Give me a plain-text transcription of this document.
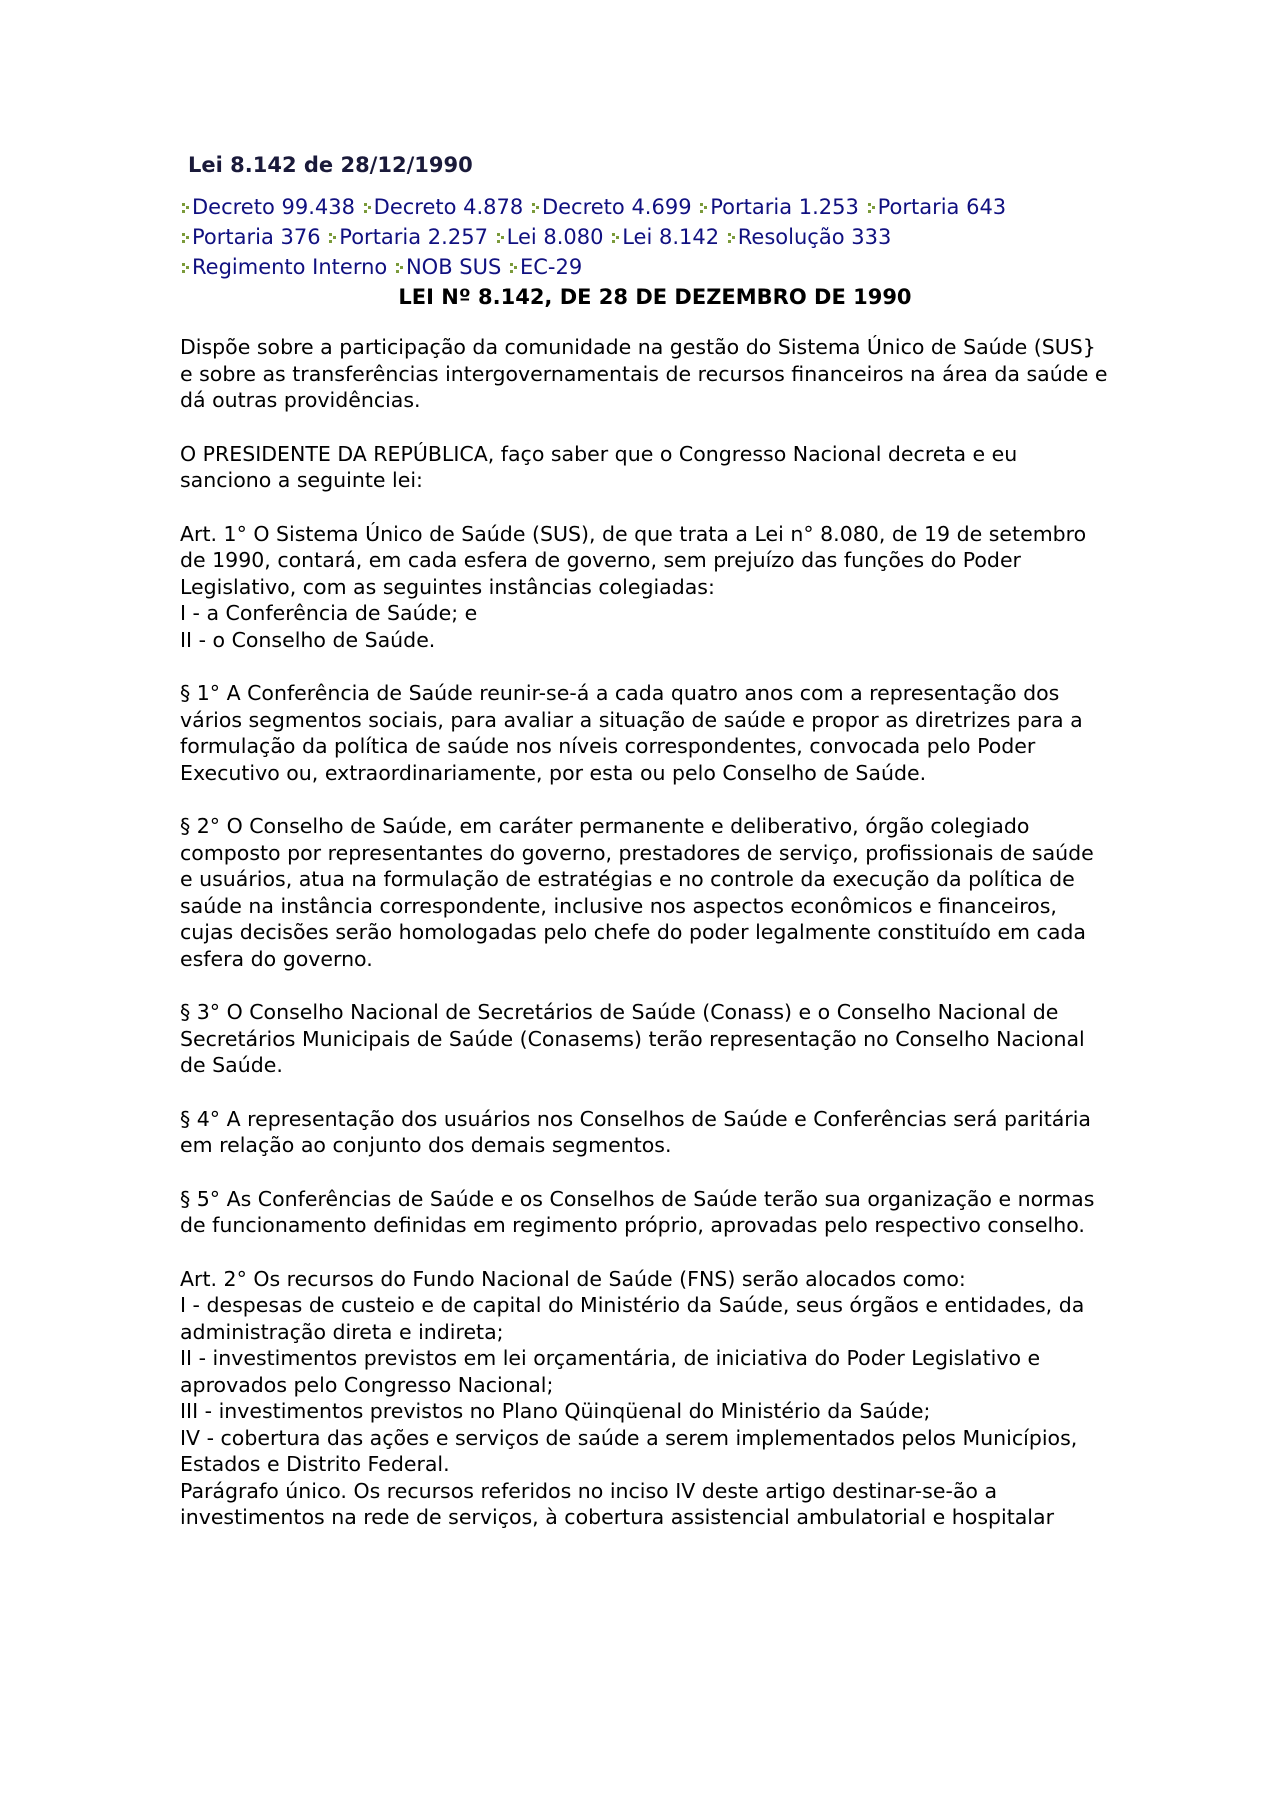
Lei 8.142 de 28/12/1990
Decreto 99.438 Decreto 4.878 Decreto 4.699 Portaria 1.253 Portaria 643
Portaria 376 Portaria 2.257 Lei 8.080 Lei 8.142 Resolução 333
Regimento Interno NOB SUS EC-29
LEI Nº 8.142, DE 28 DE DEZEMBRO DE 1990
Dispõe sobre a participação da comunidade na gestão do Sistema Único de Saúde (SUS} e sobre as transferências intergovernamentais de recursos financeiros na área da saúde e dá outras providências.
O PRESIDENTE DA REPÚBLICA, faço saber que o Congresso Nacional decreta e eu sanciono a seguinte lei:
Art. 1° O Sistema Único de Saúde (SUS), de que trata a Lei n° 8.080, de 19 de setembro de 1990, contará, em cada esfera de governo, sem prejuízo das funções do Poder Legislativo, com as seguintes instâncias colegiadas:
I - a Conferência de Saúde; e
II - o Conselho de Saúde.
§ 1° A Conferência de Saúde reunir-se-á a cada quatro anos com a representação dos vários segmentos sociais, para avaliar a situação de saúde e propor as diretrizes para a formulação da política de saúde nos níveis correspondentes, convocada pelo Poder Executivo ou, extraordinariamente, por esta ou pelo Conselho de Saúde.
§ 2° O Conselho de Saúde, em caráter permanente e deliberativo, órgão colegiado composto por representantes do governo, prestadores de serviço, profissionais de saúde e usuários, atua na formulação de estratégias e no controle da execução da política de saúde na instância correspondente, inclusive nos aspectos econômicos e financeiros, cujas decisões serão homologadas pelo chefe do poder legalmente constituído em cada esfera do governo.
§ 3° O Conselho Nacional de Secretários de Saúde (Conass) e o Conselho Nacional de Secretários Municipais de Saúde (Conasems) terão representação no Conselho Nacional de Saúde.
§ 4° A representação dos usuários nos Conselhos de Saúde e Conferências será paritária em relação ao conjunto dos demais segmentos.
§ 5° As Conferências de Saúde e os Conselhos de Saúde terão sua organização e normas de funcionamento definidas em regimento próprio, aprovadas pelo respectivo conselho.
Art. 2° Os recursos do Fundo Nacional de Saúde (FNS) serão alocados como:
I - despesas de custeio e de capital do Ministério da Saúde, seus órgãos e entidades, da administração direta e indireta;
II - investimentos previstos em lei orçamentária, de iniciativa do Poder Legislativo e aprovados pelo Congresso Nacional;
III - investimentos previstos no Plano Qüinqüenal do Ministério da Saúde;
IV - cobertura das ações e serviços de saúde a serem implementados pelos Municípios, Estados e Distrito Federal.
Parágrafo único. Os recursos referidos no inciso IV deste artigo destinar-se-ão a investimentos na rede de serviços, à cobertura assistencial ambulatorial e hospitalar
